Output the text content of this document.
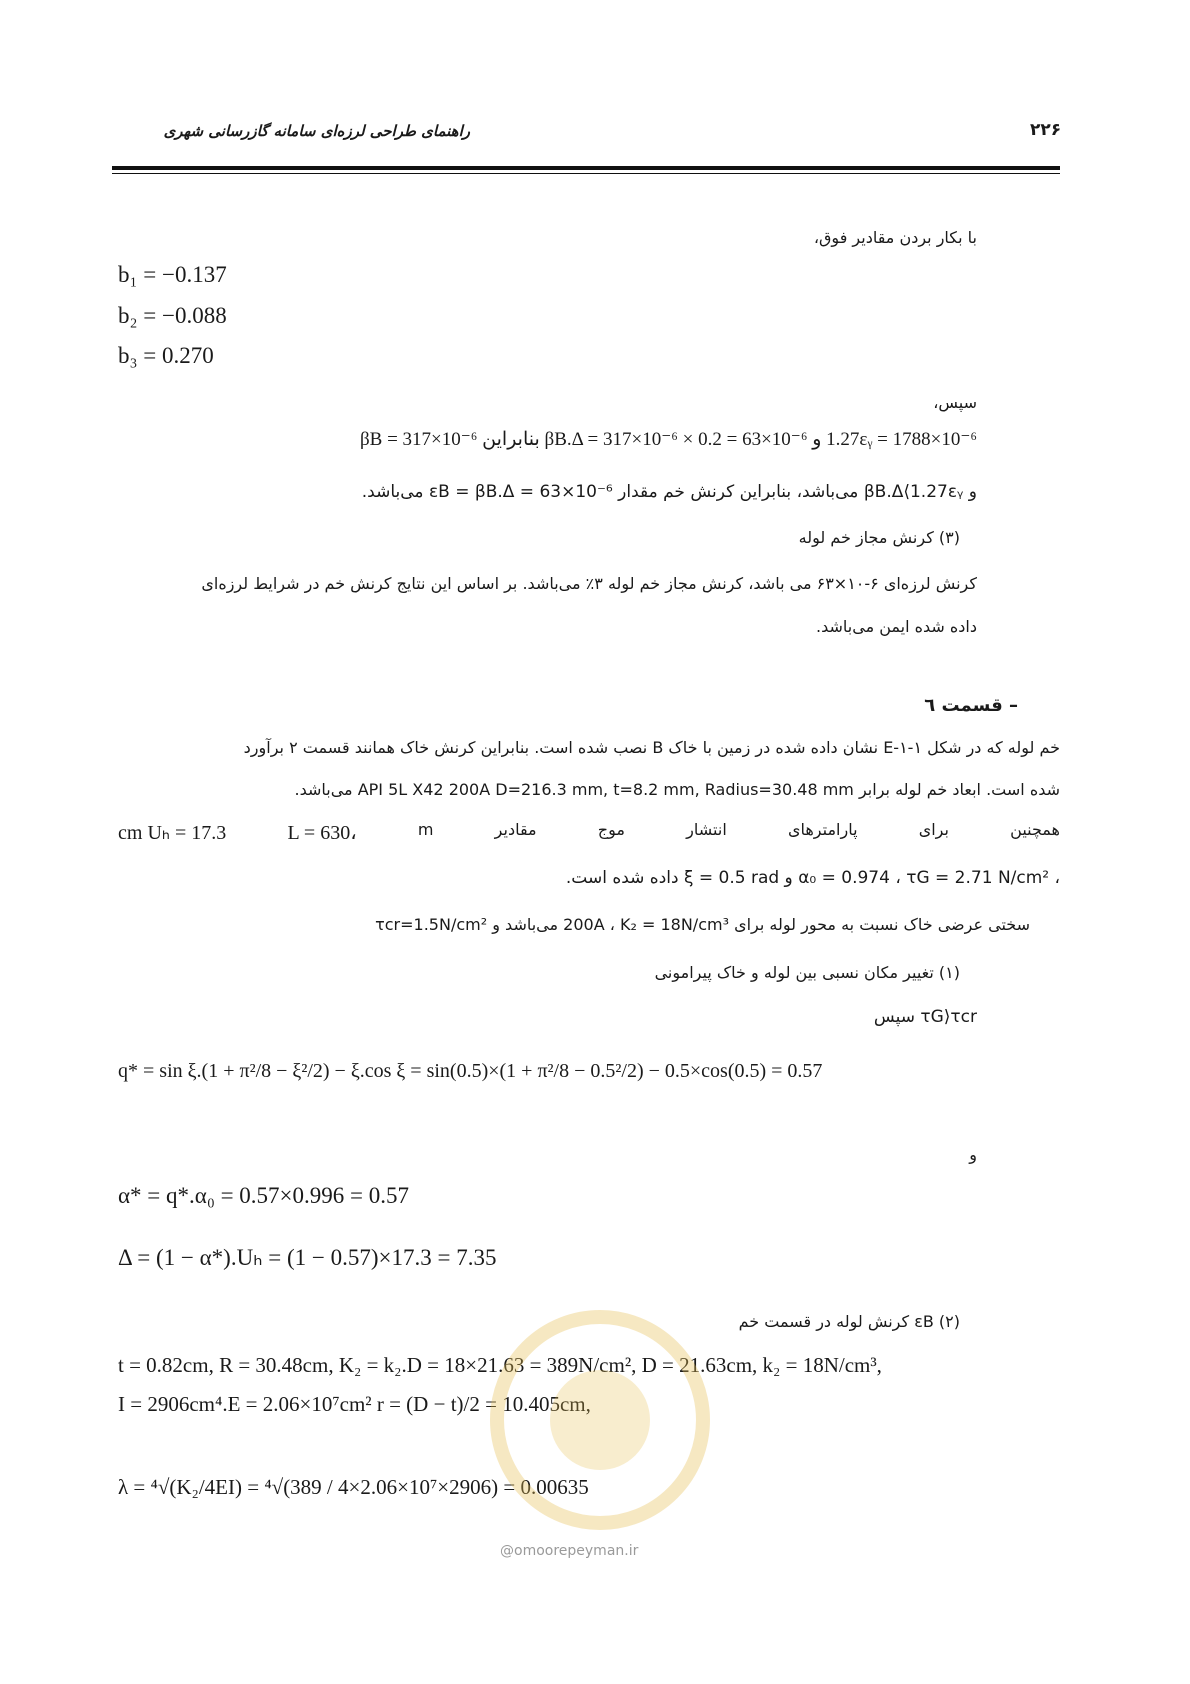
۲۲۶
راهنمای طراحی لرزه‌ای سامانه گازرسانی شهری
با بکار بردن مقادیر فوق،
b₁ = −0.137
b₂ = −0.088
b₃ = 0.270
سپس،
1.27εᵧ = 1788×10⁻⁶ و βB.Δ = 317×10⁻⁶ × 0.2 = 63×10⁻⁶ بنابراین βB = 317×10⁻⁶
و βB.Δ⟨1.27εᵧ می‌باشد، بنابراین کرنش خم مقدار εB = βB.Δ = 63×10⁻⁶ می‌باشد.
(۳) کرنش مجاز خم لوله
کرنش لرزه‌ای ۶-۱۰×۶۳ می باشد، کرنش مجاز خم لوله ۳٪ می‌باشد. بر اساس این نتایج کرنش خم در شرایط لرزه‌ای
داده شده ایمن می‌باشد.
– قسمت ٦
خم لوله که در شکل E-۱-۱ نشان داده شده در زمین با خاک B نصب شده است. بنابراین کرنش خاک همانند قسمت ۲ برآورد
شده است. ابعاد خم لوله برابر API 5L X42 200A D=216.3 mm, t=8.2 mm, Radius=30.48 mm می‌باشد.
همچنین
برای
پارامترهای
انتشار
موج
مقادیر
m
،L = 630
cm Uₕ = 17.3
، α₀ = 0.974 ، τG = 2.71 N/cm² و ξ = 0.5 rad داده شده است.
سختی عرضی خاک نسبت به محور لوله برای 200A ، K₂ = 18N/cm³ می‌باشد و τcr=1.5N/cm²
(۱) تغییر مکان نسبی بین لوله و خاک پیرامونی
τG⟩τcr سپس
q* = sin ξ.(1 + π²/8 − ξ²/2) − ξ.cos ξ = sin(0.5)×(1 + π²/8 − 0.5²/2) − 0.5×cos(0.5) = 0.57
و
α* = q*.α₀ = 0.57×0.996 = 0.57
Δ = (1 − α*).Uₕ = (1 − 0.57)×17.3 = 7.35
(۲) εB کرنش لوله در قسمت خم
t = 0.82cm, R = 30.48cm, K₂ = k₂.D = 18×21.63 = 389N/cm², D = 21.63cm, k₂ = 18N/cm³,
I = 2906cm⁴.E = 2.06×10⁷cm² r = (D − t)/2 = 10.405cm,
λ = ⁴√(K₂/4EI) = ⁴√(389 / 4×2.06×10⁷×2906) = 0.00635
@omoorepeyman.ir
